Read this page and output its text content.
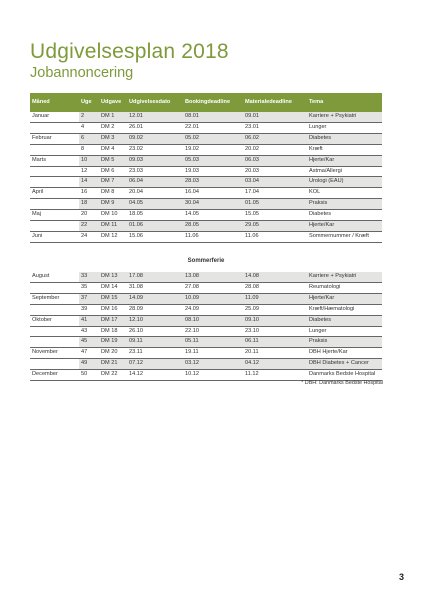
Udgivelsesplan 2018
Jobannoncering
Måned	Uge	Udgave	Udgivelsesdato	Bookingdeadline	Materialedeadline	Tema
Januar	2	DM 1	12.01	08.01	09.01	Karriere + Psykiatri
	4	DM 2	26.01	22.01	23.01	Lunger
Februar	6	DM 3	09.02	05.02	06.02	Diabetes
	8	DM 4	23.02	19.02	20.02	Kræft
Marts	10	DM 5	09.03	05.03	06.03	Hjerte/Kar
	12	DM 6	23.03	19.03	20.03	Astma/Allergi
	14	DM 7	06.04	28.03	03.04	Urologi (EAU)
April	16	DM 8	20.04	16.04	17.04	KOL
	18	DM 9	04.05	30.04	01.05	Praksis
Maj	20	DM 10	18.05	14.05	15.05	Diabetes
	22	DM 11	01.06	28.05	29.05	Hjerte/Kar
Juni	24	DM 12	15.06	11.06	11.06	Sommernummer / Kræft
Sommerferie
August	33	DM 13	17.08	13.08	14.08	Karriere + Psykiatri
	35	DM 14	31.08	27.08	28.08	Reumatologi
September	37	DM 15	14.09	10.09	11.09	Hjerte/Kar
	39	DM 16	28.09	24.09	25.09	Kræft/Hæmatologi
Oktober	41	DM 17	12.10	08.10	09.10	Diabetes
	43	DM 18	26.10	22.10	23.10	Lunger
	45	DM 19	09.11	05.11	06.11	Praksis
November	47	DM 20	23.11	19.11	20.11	DBH Hjerte/Kar
	49	DM 21	07.12	03.12	04.12	DBH Diabetes + Cancer
December	50	DM 22	14.12	10.12	11.12	Danmarks Bedste Hospital
* DBH: Danmarks Bedste Hospital
3
